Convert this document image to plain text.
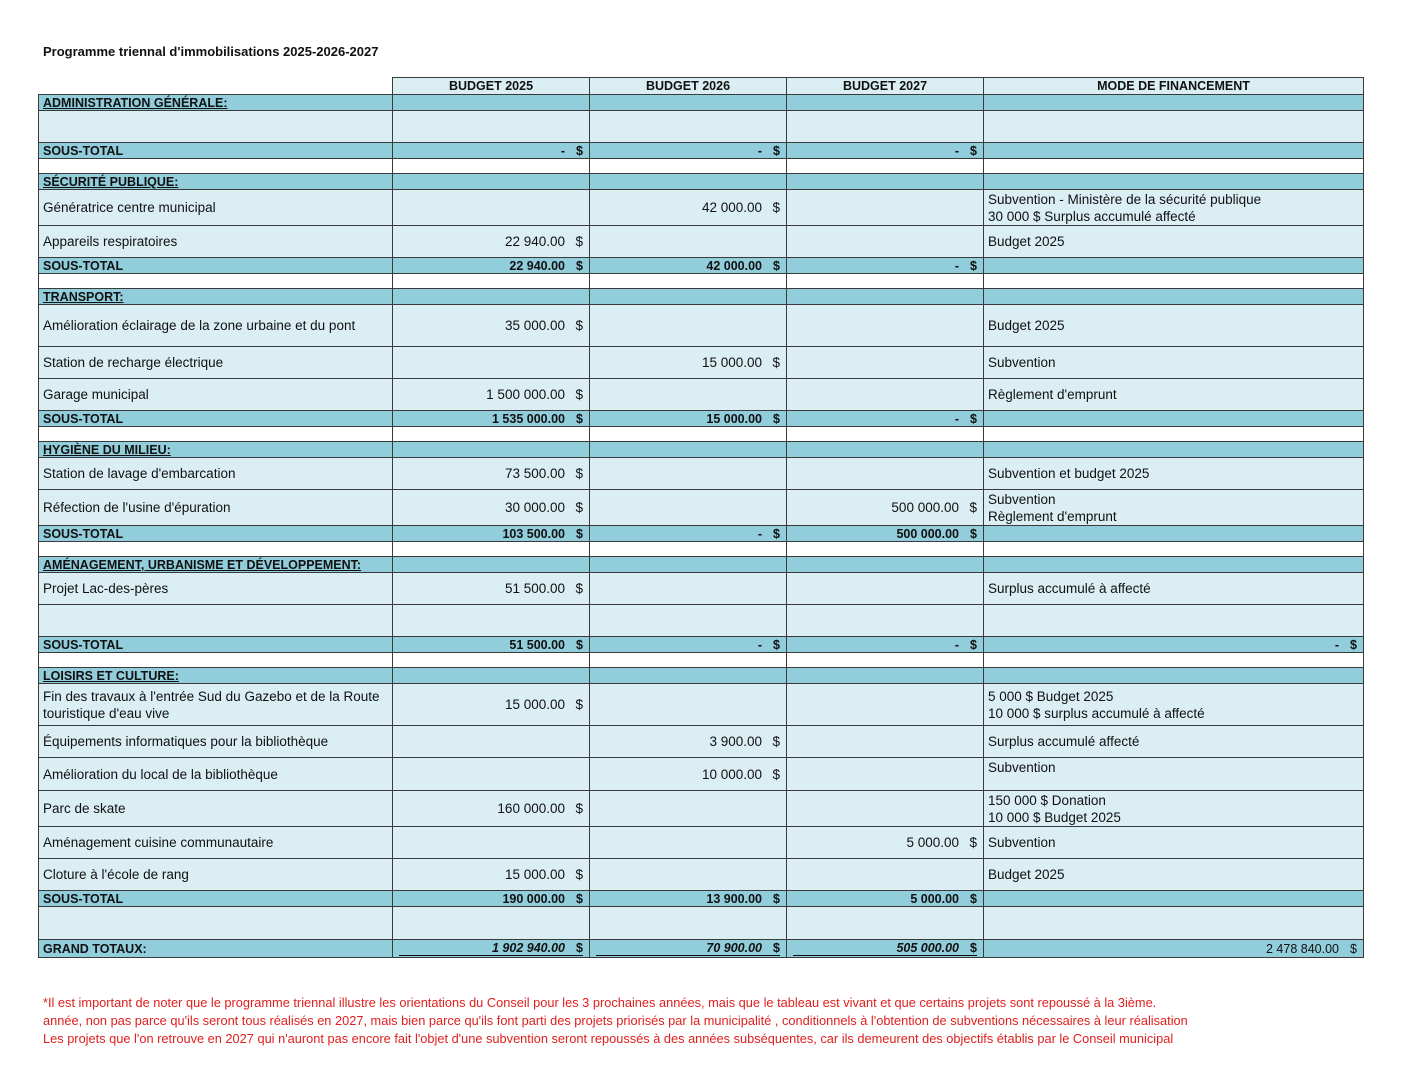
Programme triennal d'immobilisations 2025-2026-2027
	BUDGET 2025	BUDGET 2026	BUDGET 2027	MODE DE FINANCEMENT
ADMINISTRATION GÉNÉRALE:				

SOUS-TOTAL	- $	- $	- $	

SÉCURITÉ PUBLIQUE:				
Génératrice centre municipal		42 000.00 $		Subvention - Ministère de la sécurité publique
30 000 $ Surplus accumulé affecté
Appareils respiratoires	22 940.00 $			Budget 2025
SOUS-TOTAL	22 940.00 $	42 000.00 $	- $	

TRANSPORT:				
Amélioration éclairage de la zone urbaine et du pont	35 000.00 $			Budget 2025
Station de recharge électrique		15 000.00 $		Subvention
Garage municipal	1 500 000.00 $			Règlement d'emprunt
SOUS-TOTAL	1 535 000.00 $	15 000.00 $	- $	

HYGIÈNE DU MILIEU:				
Station de lavage d'embarcation	73 500.00 $			Subvention et budget 2025
Réfection de l'usine d'épuration	30 000.00 $		500 000.00 $	Subvention
Règlement d'emprunt
SOUS-TOTAL	103 500.00 $	- $	500 000.00 $	

AMÉNAGEMENT, URBANISME ET DÉVELOPPEMENT:				
Projet Lac-des-pères	51 500.00 $			Surplus accumulé à affecté

SOUS-TOTAL	51 500.00 $	- $	- $	- $

LOISIRS ET CULTURE:				
Fin des travaux à l'entrée Sud du Gazebo et de la Route touristique d'eau vive	15 000.00 $			5 000 $ Budget 2025
10 000 $ surplus accumulé à affecté
Équipements informatiques pour la bibliothèque		3 900.00 $		Surplus accumulé affecté
Amélioration du local de la bibliothèque		10 000.00 $		Subvention
Parc de skate	160 000.00 $			150 000 $ Donation
10 000 $ Budget 2025
Aménagement cuisine communautaire			5 000.00 $	Subvention
Cloture à l'école de rang	15 000.00 $			Budget 2025
SOUS-TOTAL	190 000.00 $	13 900.00 $	5 000.00 $	

GRAND TOTAUX:	1 902 940.00 $	70 900.00 $	505 000.00 $	2 478 840.00 $
*Il est important de noter que le programme triennal illustre les orientations du Conseil pour les 3 prochaines années, mais que le tableau est vivant et que certains projets sont repoussé à la 3ième.
année, non pas parce qu'ils seront tous réalisés en 2027, mais bien parce qu'ils font parti des projets priorisés par la municipalité , conditionnels à l'obtention de subventions nécessaires à leur réalisation
Les projets que l'on retrouve en 2027 qui n'auront pas encore fait l'objet d'une subvention seront repoussés à des années subséquentes, car ils demeurent des objectifs établis par le Conseil municipal
